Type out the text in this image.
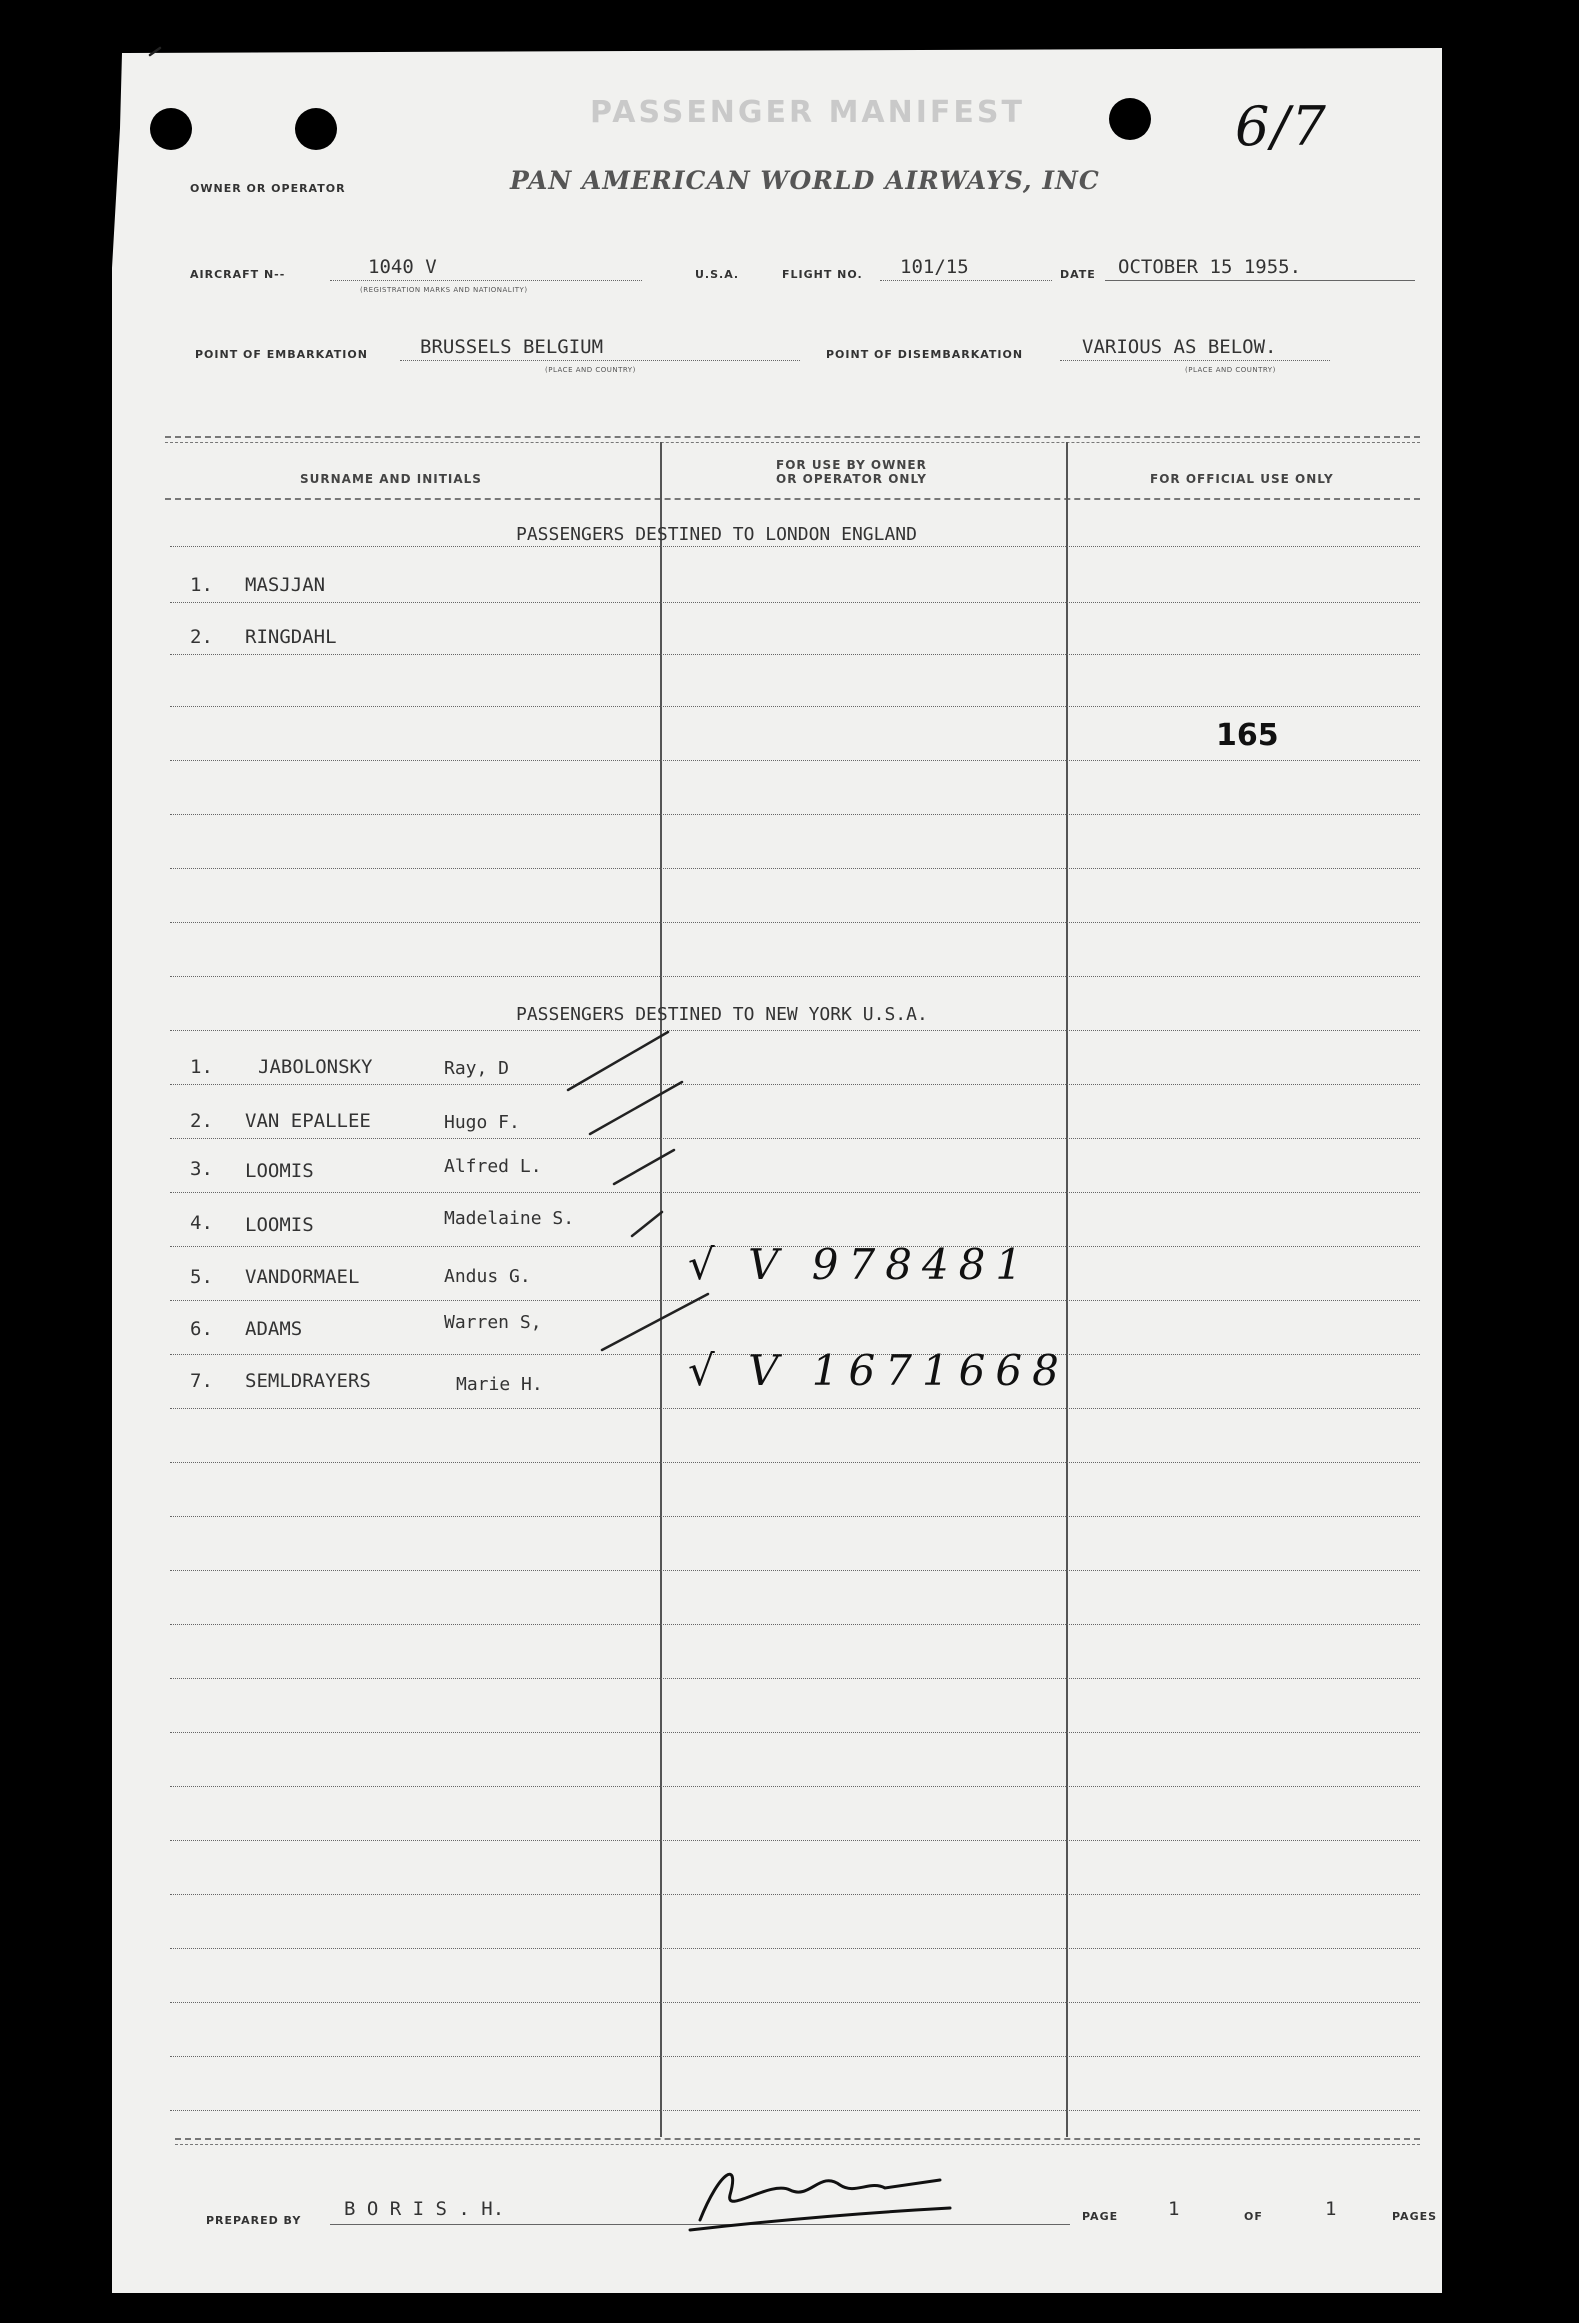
PASSENGER MANIFEST	6/7
OWNER OR OPERATOR	PAN AMERICAN WORLD AIRWAYS, INC
AIRCRAFT N--	1040 V
(REGISTRATION MARKS AND NATIONALITY)
U.S.A.	FLIGHT NO. 101/15	DATE OCTOBER 15 1955.
POINT OF EMBARKATION	BRUSSELS BELGIUM
(PLACE AND COUNTRY)
POINT OF DISEMBARKATION	VARIOUS AS BELOW.
(PLACE AND COUNTRY)
SURNAME AND INITIALS
FOR USE BY OWNER
OR OPERATOR ONLY	FOR OFFICIAL USE ONLY
PASSENGERS DESTINED TO LONDON ENGLAND
1. MASJJAN
2. RINGDAHL
165
PASSENGERS DESTINED TO NEW YORK U.S.A.
1. JABOLONSKY	Ray, D
2. VAN EPALLEE	Hugo F.
3. LOOMIS	Alfred L.
4. LOOMIS	Madelaine S.
5. VANDORMAEL	Andus G.	√ V 978481
6. ADAMS	Warren S,
7. SEMLDRAYERS	Marie H.	√ V 1671668
PREPARED BY
B O R I S . H.	PAGE	1	OF	1	PAGES
